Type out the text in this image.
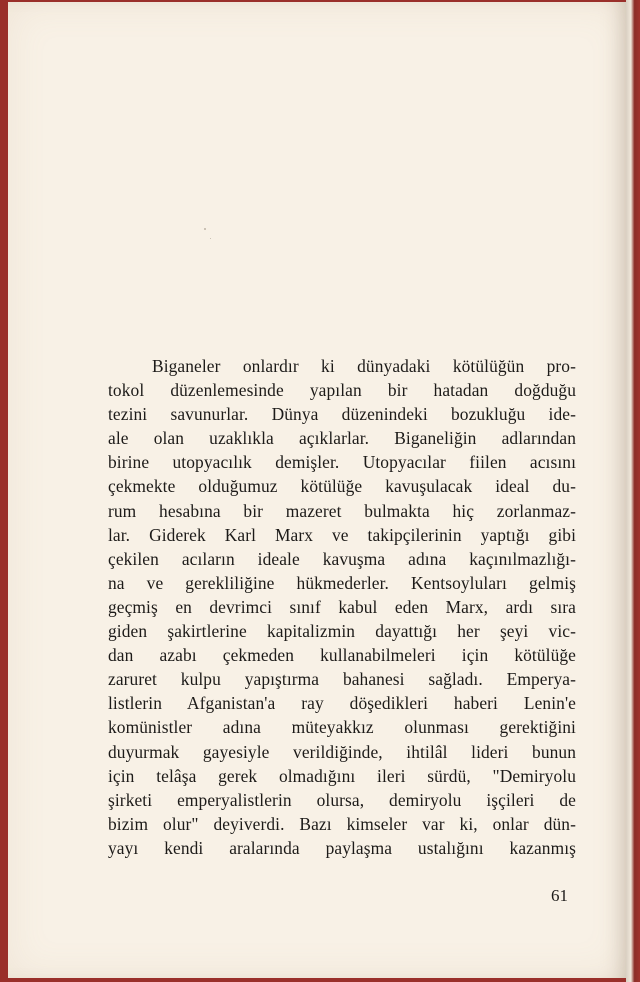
Biganeler onlardır ki dünyadaki kötülüğün pro-
tokol düzenlemesinde yapılan bir hatadan doğduğu
tezini savunurlar. Dünya düzenindeki bozukluğu ide-
ale olan uzaklıkla açıklarlar. Biganeliğin adlarından
birine utopyacılık demişler. Utopyacılar fiilen acısını
çekmekte olduğumuz kötülüğe kavuşulacak ideal du-
rum hesabına bir mazeret bulmakta hiç zorlanmaz-
lar. Giderek Karl Marx ve takipçilerinin yaptığı gibi
çekilen acıların ideale kavuşma adına kaçınılmazlığı-
na ve gerekliliğine hükmederler. Kentsoyluları gelmiş
geçmiş en devrimci sınıf kabul eden Marx, ardı sıra
giden şakirtlerine kapitalizmin dayattığı her şeyi vic-
dan azabı çekmeden kullanabilmeleri için kötülüğe
zaruret kulpu yapıştırma bahanesi sağladı. Emperya-
listlerin Afganistan'a ray döşedikleri haberi Lenin'e
komünistler adına müteyakkız olunması gerektiğini
duyurmak gayesiyle verildiğinde, ihtilâl lideri bunun
için telâşa gerek olmadığını ileri sürdü, "Demiryolu
şirketi emperyalistlerin olursa, demiryolu işçileri de
bizim olur" deyiverdi. Bazı kimseler var ki, onlar dün-
yayı kendi aralarında paylaşma ustalığını kazanmış
61
